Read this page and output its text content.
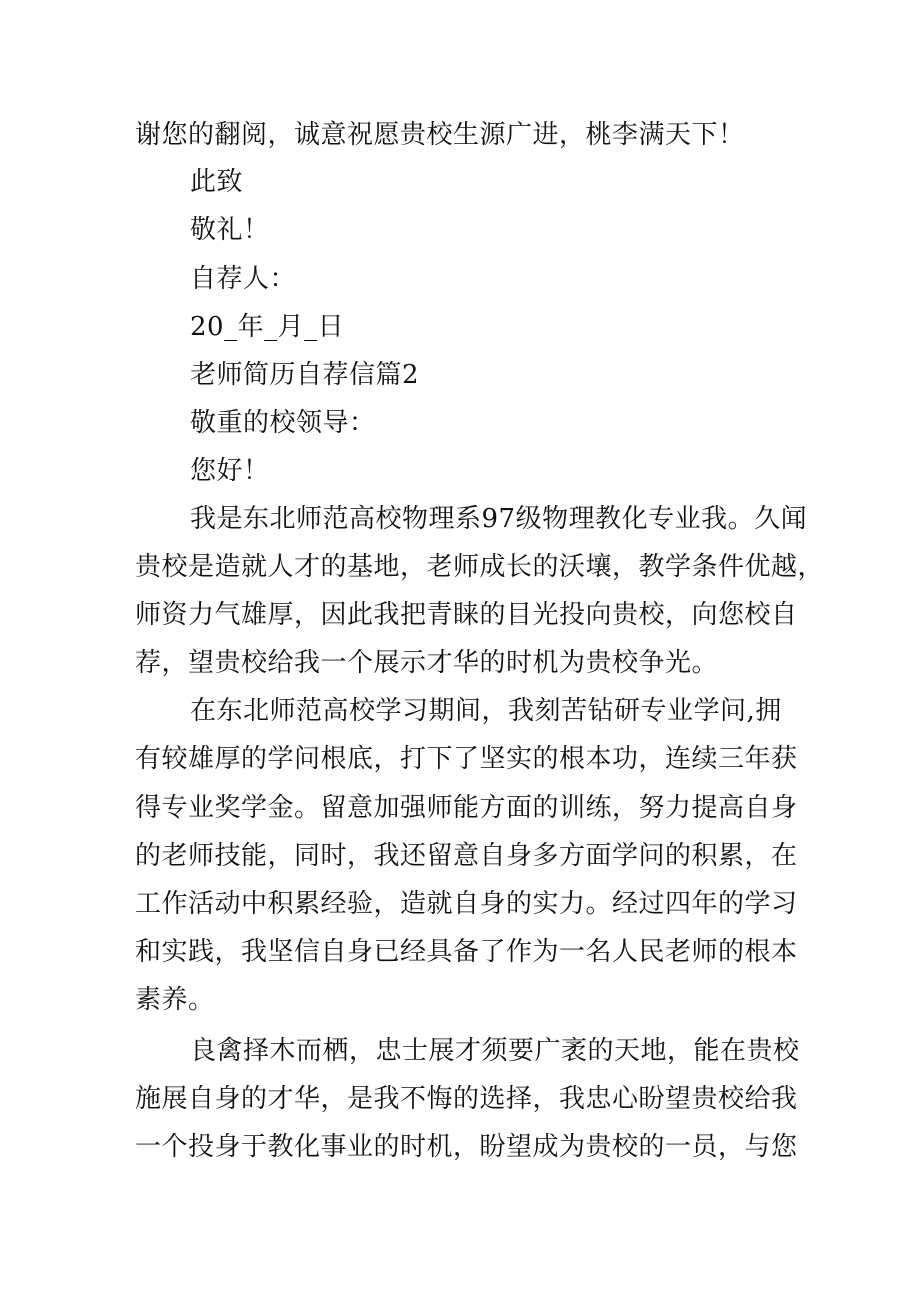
谢您的翻阅，诚意祝愿贵校生源广进，桃李满天下！
此致
敬礼！
自荐人：
20_年_月_日
老师简历自荐信篇2
敬重的校领导：
您好！
我是东北师范高校物理系97级物理教化专业我。久闻
贵校是造就人才的基地，老师成长的沃壤，教学条件优越，
师资力气雄厚，因此我把青睐的目光投向贵校，向您校自
荐，望贵校给我一个展示才华的时机为贵校争光。
在东北师范高校学习期间，我刻苦钻研专业学问,拥
有较雄厚的学问根底，打下了坚实的根本功，连续三年获
得专业奖学金。留意加强师能方面的训练，努力提高自身
的老师技能，同时，我还留意自身多方面学问的积累，在
工作活动中积累经验，造就自身的实力。经过四年的学习
和实践，我坚信自身已经具备了作为一名人民老师的根本
素养。
良禽择木而栖，忠士展才须要广袤的天地，能在贵校
施展自身的才华，是我不悔的选择，我忠心盼望贵校给我
一个投身于教化事业的时机，盼望成为贵校的一员，与您
